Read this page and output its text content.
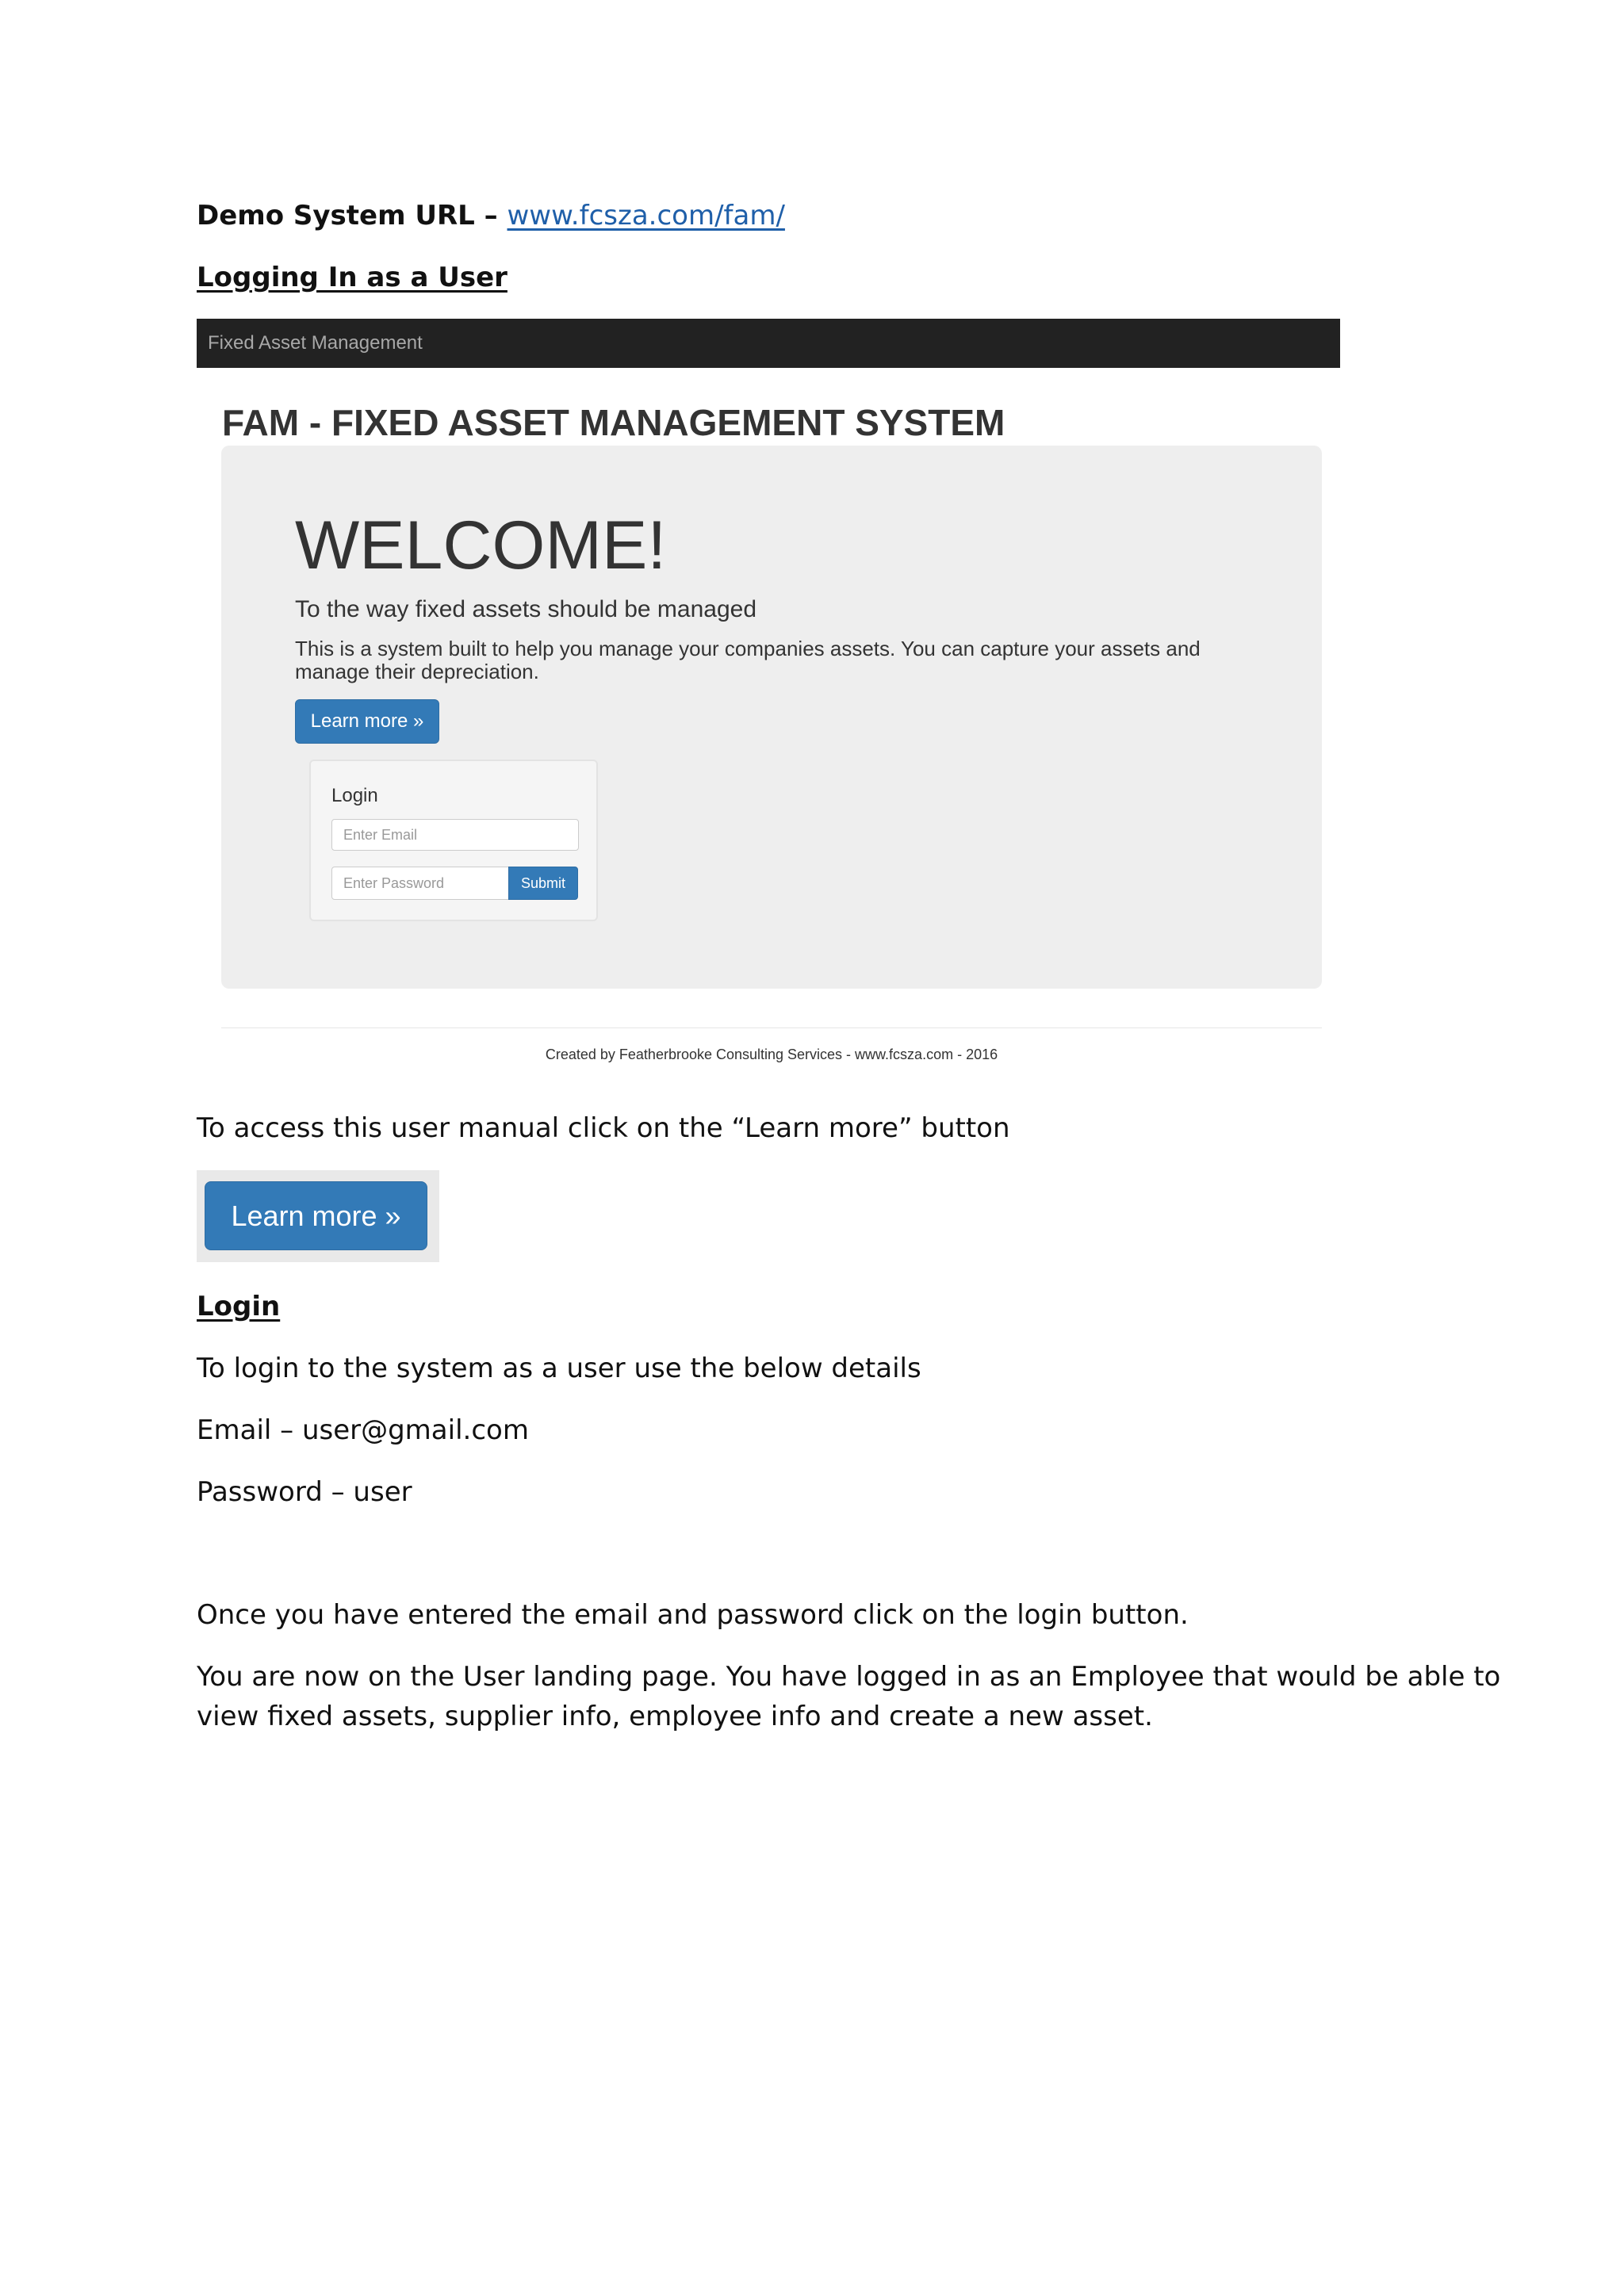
Demo System URL – www.fcsza.com/fam/
Logging In as a User
Fixed Asset Management
FAM - FIXED ASSET MANAGEMENT SYSTEM
WELCOME!
To the way fixed assets should be managed
This is a system built to help you manage your companies assets. You can capture your assets and manage their depreciation.
Learn more »
Login
Enter Email
Enter Password	Submit
Created by Featherbrooke Consulting Services - www.fcsza.com - 2016
To access this user manual click on the “Learn more” button
Learn more »
Login
To login to the system as a user use the below details
Email – user@gmail.com
Password – user
Once you have entered the email and password click on the login button.
You are now on the User landing page. You have logged in as an Employee that would be able to
view fixed assets, supplier info, employee info and create a new asset.
